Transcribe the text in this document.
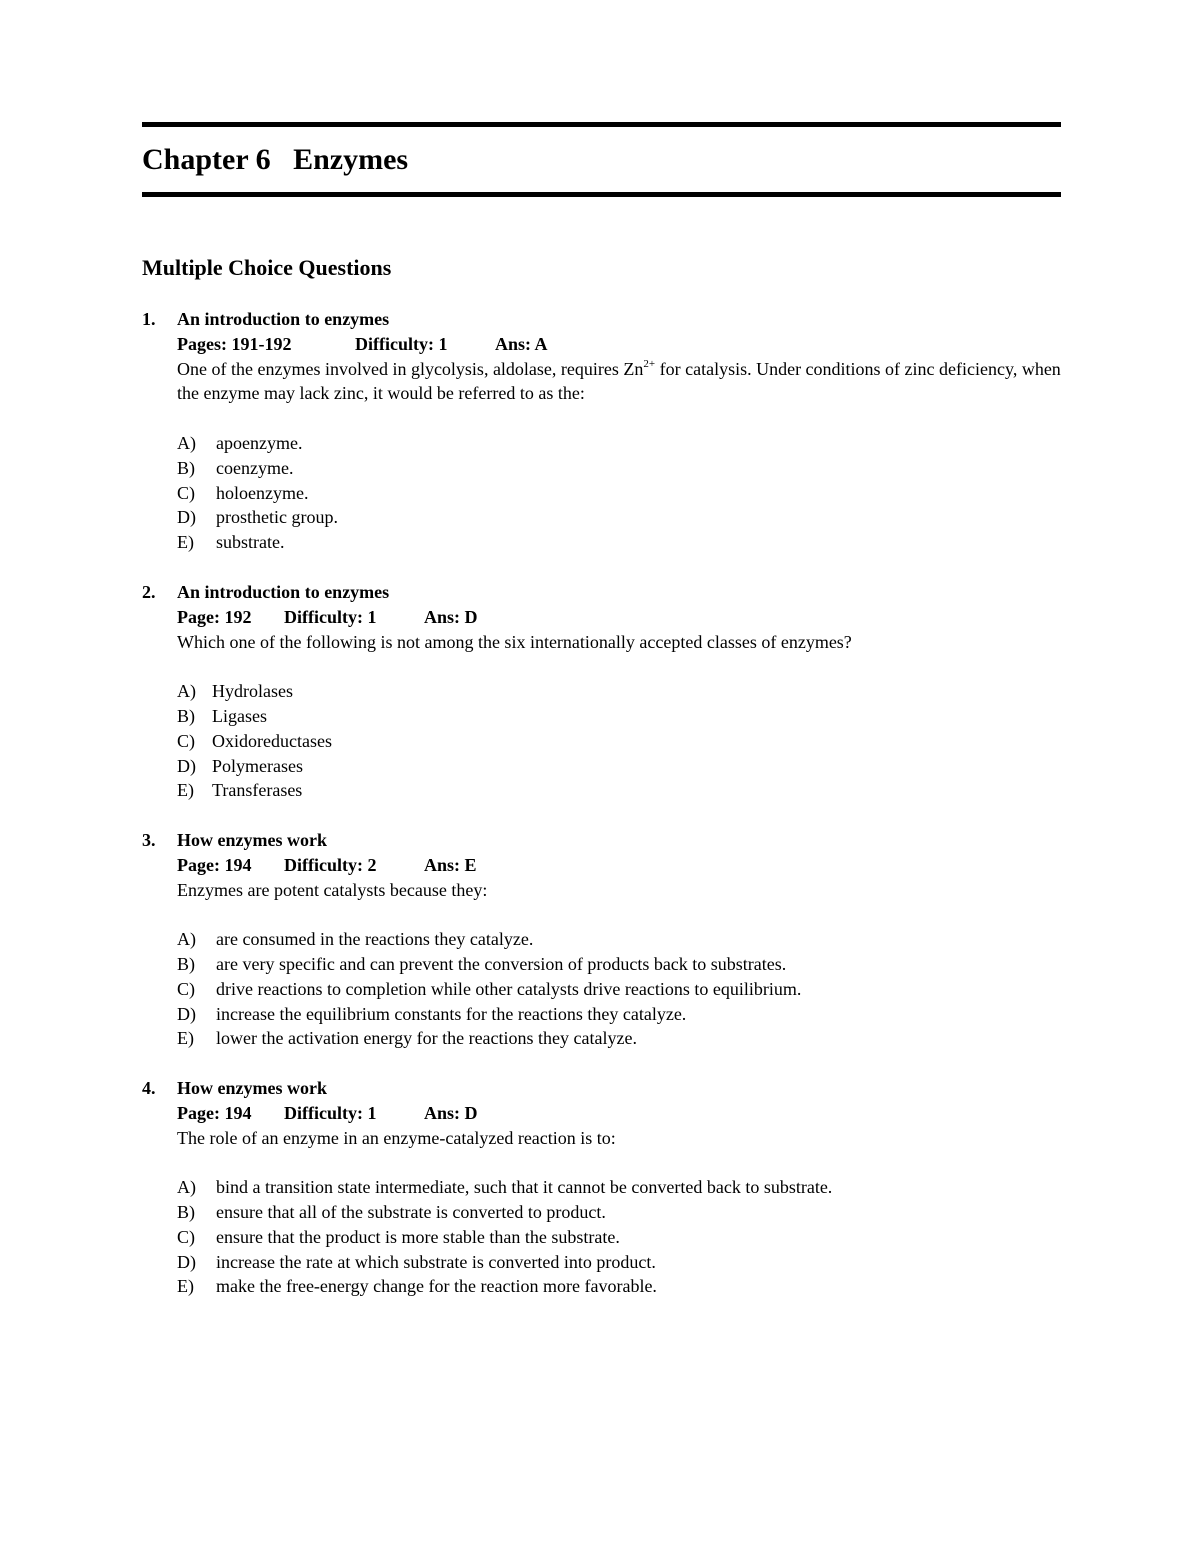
Chapter 6   Enzymes
Multiple Choice Questions
1. An introduction to enzymes
Pages: 191-192	Difficulty: 1	Ans: A

One of the enzymes involved in glycolysis, aldolase, requires $Zn^{2+}$ for catalysis. Under conditions of zinc deficiency, when the enzyme may lack zinc, it would be referred to as the:

A) apoenzyme.
B) coenzyme.
C) holoenzyme.
D) prosthetic group.
E) substrate.
2. An introduction to enzymes
Page: 192 Difficulty: 1	Ans: D

Which one of the following is not among the six internationally accepted classes of enzymes?

A) Hydrolases
B) Ligases
C) Oxidoreductases
D) Polymerases
E) Transferases
3. How enzymes work
Page: 194 Difficulty: 2	Ans: E

Enzymes are potent catalysts because they:

A) are consumed in the reactions they catalyze.
B) are very specific and can prevent the conversion of products back to substrates.
C) drive reactions to completion while other catalysts drive reactions to equilibrium.
D) increase the equilibrium constants for the reactions they catalyze.
E) lower the activation energy for the reactions they catalyze.
4. How enzymes work
Page: 194 Difficulty: 1	Ans: D

The role of an enzyme in an enzyme-catalyzed reaction is to:

A) bind a transition state intermediate, such that it cannot be converted back to substrate.
B) ensure that all of the substrate is converted to product.
C) ensure that the product is more stable than the substrate.
D) increase the rate at which substrate is converted into product.
E) make the free-energy change for the reaction more favorable.
